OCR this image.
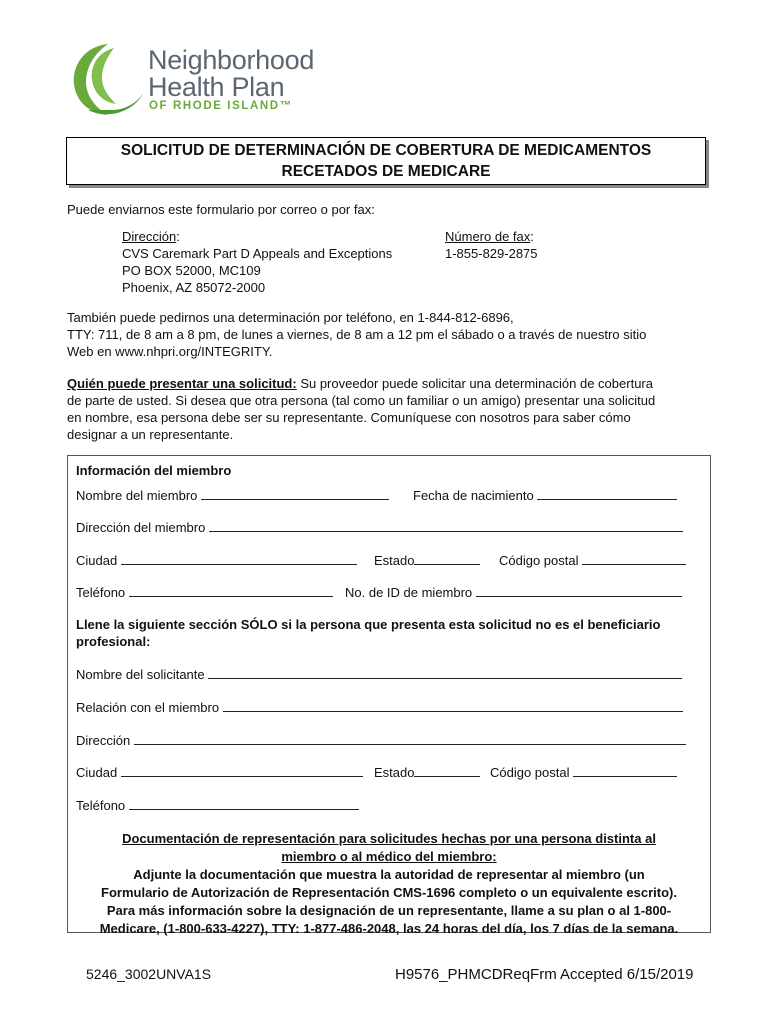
Neighborhood
Health Plan
OF RHODE ISLAND™
SOLICITUD DE DETERMINACIÓN DE COBERTURA DE MEDICAMENTOS
RECETADOS DE MEDICARE
Puede enviarnos este formulario por correo o por fax:
Dirección:
CVS Caremark Part D Appeals and Exceptions
PO BOX 52000, MC109
Phoenix, AZ 85072-2000
Número de fax:
1-855-829-2875
También puede pedirnos una determinación por teléfono, en 1-844-812-6896,
TTY: 711, de 8 am a 8 pm, de lunes a viernes, de 8 am a 12 pm el sábado o a través de nuestro sitio
Web en www.nhpri.org/INTEGRITY.
Quién puede presentar una solicitud: Su proveedor puede solicitar una determinación de cobertura
de parte de usted. Si desea que otra persona (tal como un familiar o un amigo) presentar una solicitud
en nombre, esa persona debe ser su representante. Comuníquese con nosotros para saber cómo
designar a un representante.
Información del miembro
Nombre del miembro	Fecha de nacimiento
Dirección del miembro
Ciudad	Estado	Código postal
Teléfono	No. de ID de miembro
Llene la siguiente sección SÓLO si la persona que presenta esta solicitud no es el beneficiario
profesional:
Nombre del solicitante
Relación con el miembro
Dirección
Ciudad	Estado	Código postal
Teléfono
Documentación de representación para solicitudes hechas por una persona distinta al
miembro o al médico del miembro:
Adjunte la documentación que muestra la autoridad de representar al miembro (un
Formulario de Autorización de Representación CMS-1696 completo o un equivalente escrito).
Para más información sobre la designación de un representante, llame a su plan o al 1-800-
Medicare, (1-800-633-4227), TTY: 1-877-486-2048, las 24 horas del día, los 7 días de la semana.
5246_3002UNVA1S	H9576_PHMCDReqFrm Accepted 6/15/2019
